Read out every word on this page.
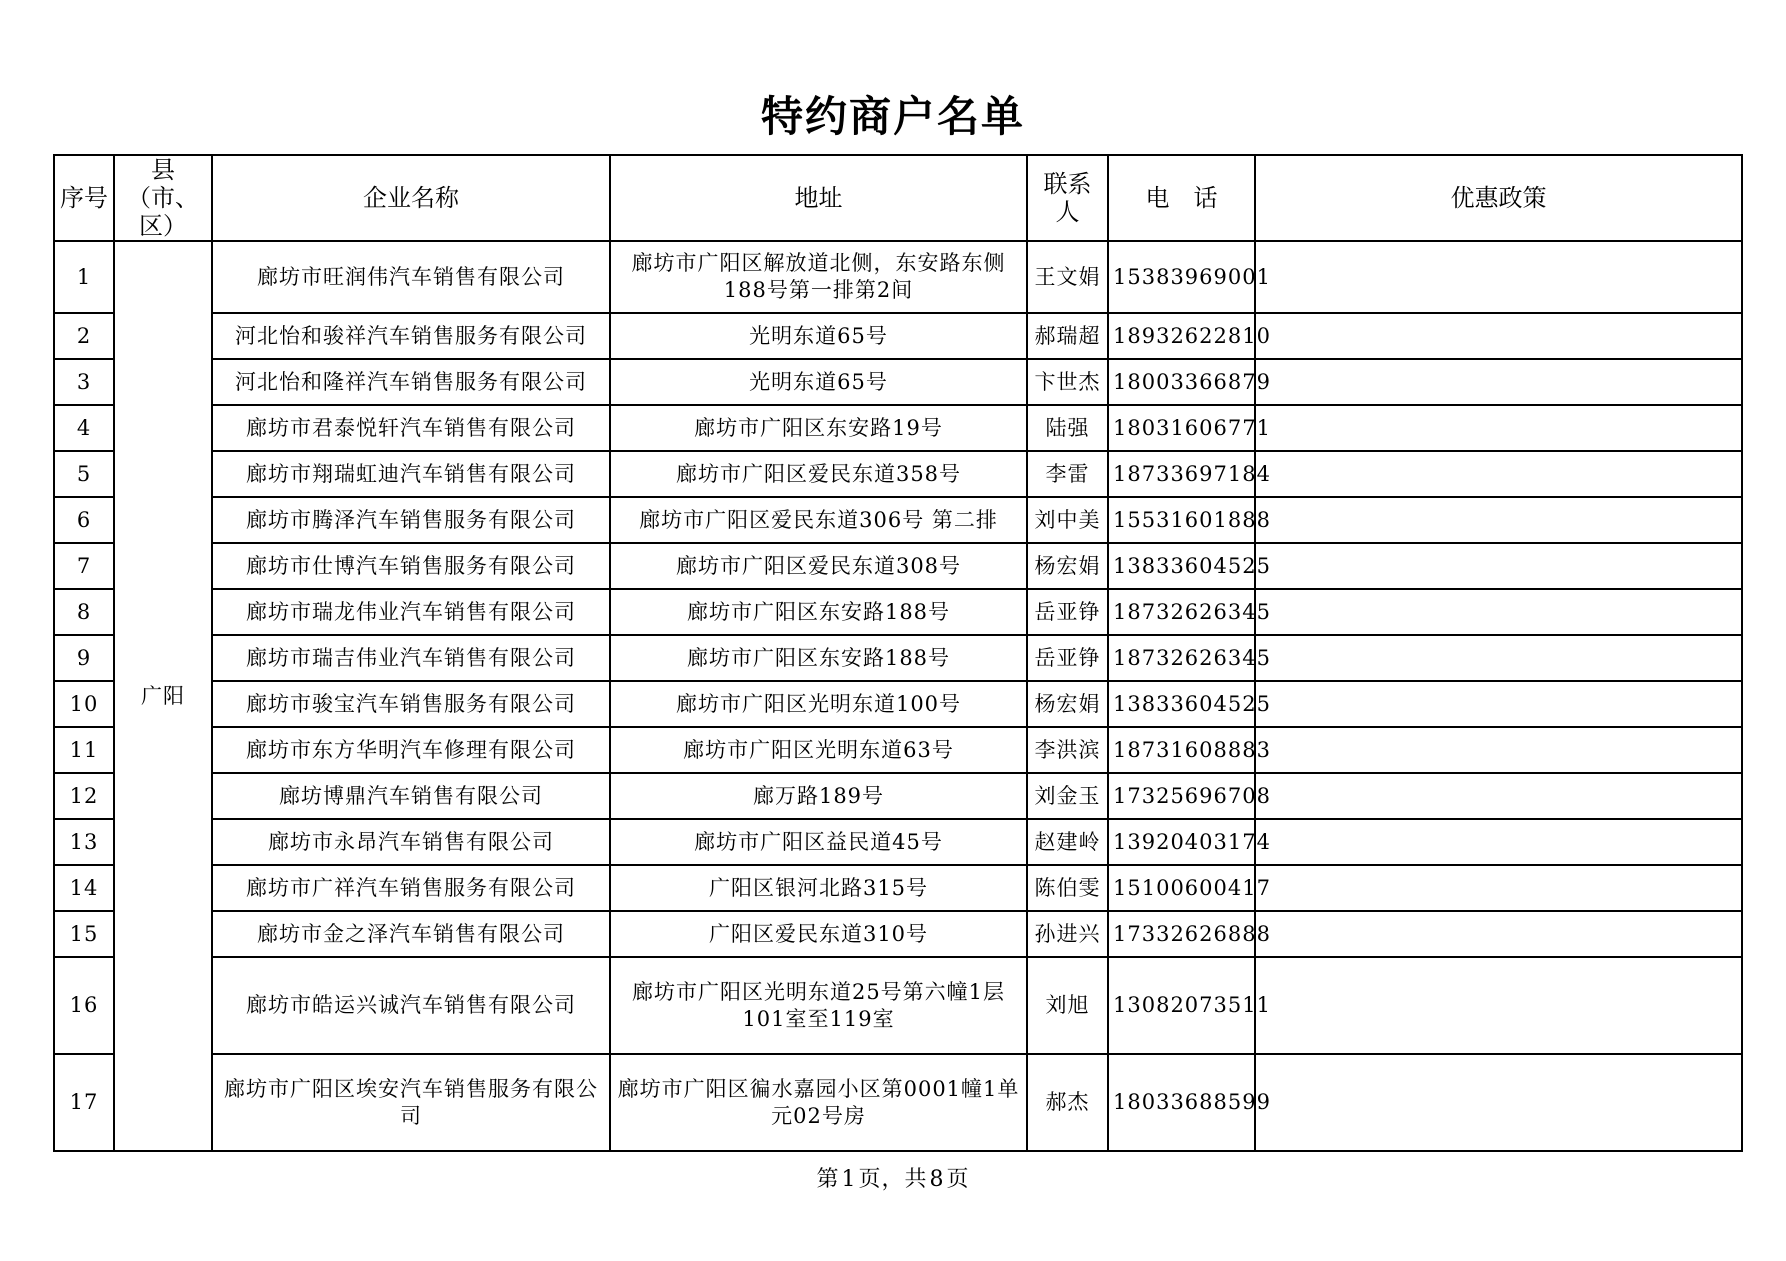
特约商户名单
序号	县（市、区）	企业名称	地址	联系人	电　话	优惠政策
1	广阳	廊坊市旺润伟汽车销售有限公司	廊坊市广阳区解放道北侧，东安路东侧188号第一排第2间	王文娟	15383969001	
2		河北怡和骏祥汽车销售服务有限公司	光明东道65号	郝瑞超	18932622810	
3		河北怡和隆祥汽车销售服务有限公司	光明东道65号	卞世杰	18003366879	
4		廊坊市君泰悦轩汽车销售有限公司	廊坊市广阳区东安路19号	陆强	18031606771	
5		廊坊市翔瑞虹迪汽车销售有限公司	廊坊市广阳区爱民东道358号	李雷	18733697184	
6		廊坊市腾泽汽车销售服务有限公司	廊坊市广阳区爱民东道306号 第二排	刘中美	15531601888	
7		廊坊市仕博汽车销售服务有限公司	廊坊市广阳区爱民东道308号	杨宏娟	13833604525	
8		廊坊市瑞龙伟业汽车销售有限公司	廊坊市广阳区东安路188号	岳亚铮	18732626345	
9		廊坊市瑞吉伟业汽车销售有限公司	廊坊市广阳区东安路188号	岳亚铮	18732626345	
10		廊坊市骏宝汽车销售服务有限公司	廊坊市广阳区光明东道100号	杨宏娟	13833604525	
11		廊坊市东方华明汽车修理有限公司	廊坊市广阳区光明东道63号	李洪滨	18731608883	
12		廊坊博鼎汽车销售有限公司	廊万路189号	刘金玉	17325696708	
13		廊坊市永昂汽车销售有限公司	廊坊市广阳区益民道45号	赵建岭	13920403174	
14		廊坊市广祥汽车销售服务有限公司	广阳区银河北路315号	陈伯雯	15100600417	
15		廊坊市金之泽汽车销售有限公司	广阳区爱民东道310号	孙进兴	17332626888	
16		廊坊市皓运兴诚汽车销售有限公司	廊坊市广阳区光明东道25号第六幢1层101室至119室	刘旭	13082073511	
17		廊坊市广阳区埃安汽车销售服务有限公司	廊坊市广阳区徧水嘉园小区第0001幢1单元02号房	郝杰	18033688599	
第1页，共8页
